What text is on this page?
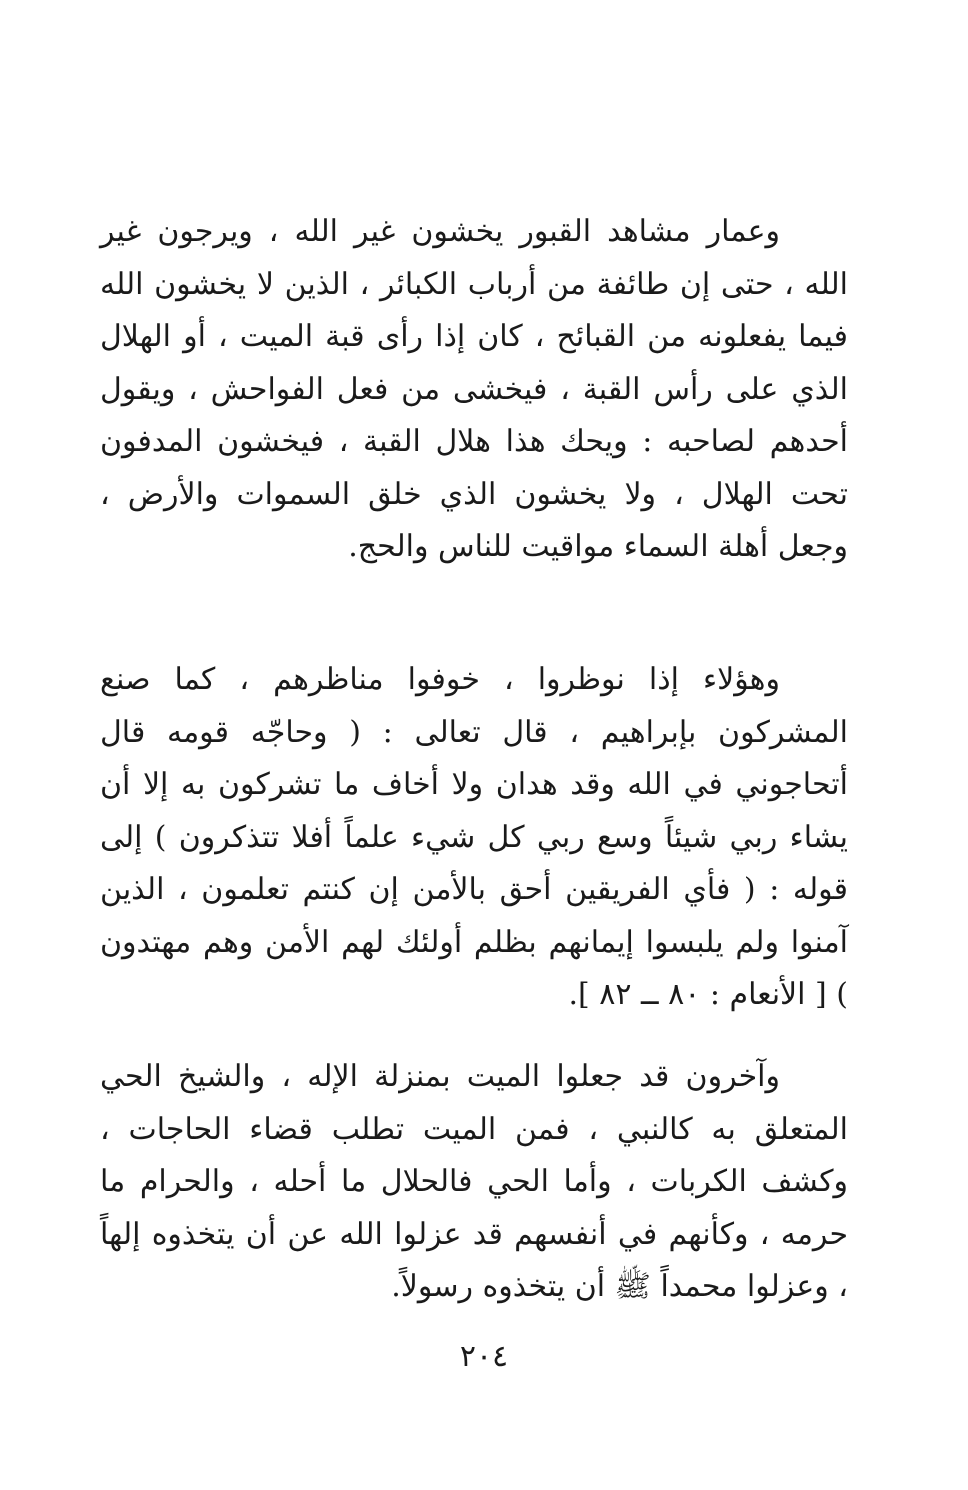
وعمار مشاهد القبور يخشون غير الله ، ويرجون غير الله ، حتى إن طائفة من أرباب الكبائر ، الذين لا يخشون الله فيما يفعلونه من القبائح ، كان إذا رأى قبة الميت ، أو الهلال الذي على رأس القبة ، فيخشى من فعل الفواحش ، ويقول أحدهم لصاحبه : ويحك هذا هلال القبة ، فيخشون المدفون تحت الهلال ، ولا يخشون الذي خلق السموات والأرض ، وجعل أهلة السماء مواقيت للناس والحج.

وهؤلاء إذا نوظروا ، خوفوا مناظرهم ، كما صنع المشركون بإبراهيم ، قال تعالى : ( وحاجّه قومه قال أتحاجوني في الله وقد هدان ولا أخاف ما تشركون به إلا أن يشاء ربي شيئاً وسع ربي كل شيء علماً أفلا تتذكرون ) إلى قوله : ( فأي الفريقين أحق بالأمن إن كنتم تعلمون ، الذين آمنوا ولم يلبسوا إيمانهم بظلم أولئك لهم الأمن وهم مهتدون ) [ الأنعام : ٨٠ ــ ٨٢ ].

وآخرون قد جعلوا الميت بمنزلة الإله ، والشيخ الحي المتعلق به كالنبي ، فمن الميت تطلب قضاء الحاجات ، وكشف الكربات ، وأما الحي فالحلال ما أحله ، والحرام ما حرمه ، وكأنهم في أنفسهم قد عزلوا الله عن أن يتخذوه إلهاً ، وعزلوا محمداً ﷺ أن يتخذوه رسولاً.

٢٠٤
